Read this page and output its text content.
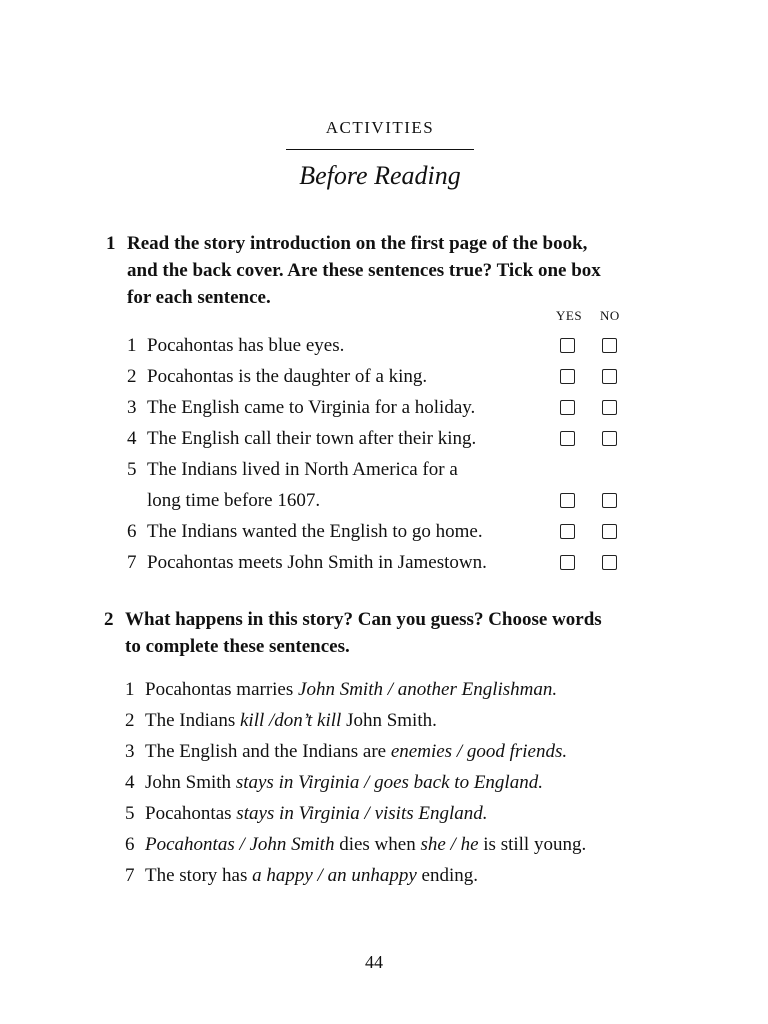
ACTIVITIES
Before Reading
1 Read the story introduction on the first page of the book,
and the back cover. Are these sentences true? Tick one box
for each sentence.
YES NO
1 Pocahontas has blue eyes.
2 Pocahontas is the daughter of a king.
3 The English came to Virginia for a holiday.
4 The English call their town after their king.
5 The Indians lived in North America for a
long time before 1607.
6 The Indians wanted the English to go home.
7 Pocahontas meets John Smith in Jamestown.
2 What happens in this story? Can you guess? Choose words
to complete these sentences.
1 Pocahontas marries John Smith / another Englishman.
2 The Indians kill /don’t kill John Smith.
3 The English and the Indians are enemies / good friends.
4 John Smith stays in Virginia / goes back to England.
5 Pocahontas stays in Virginia / visits England.
6 Pocahontas / John Smith dies when she / he is still young.
7 The story has a happy / an unhappy ending.
44
